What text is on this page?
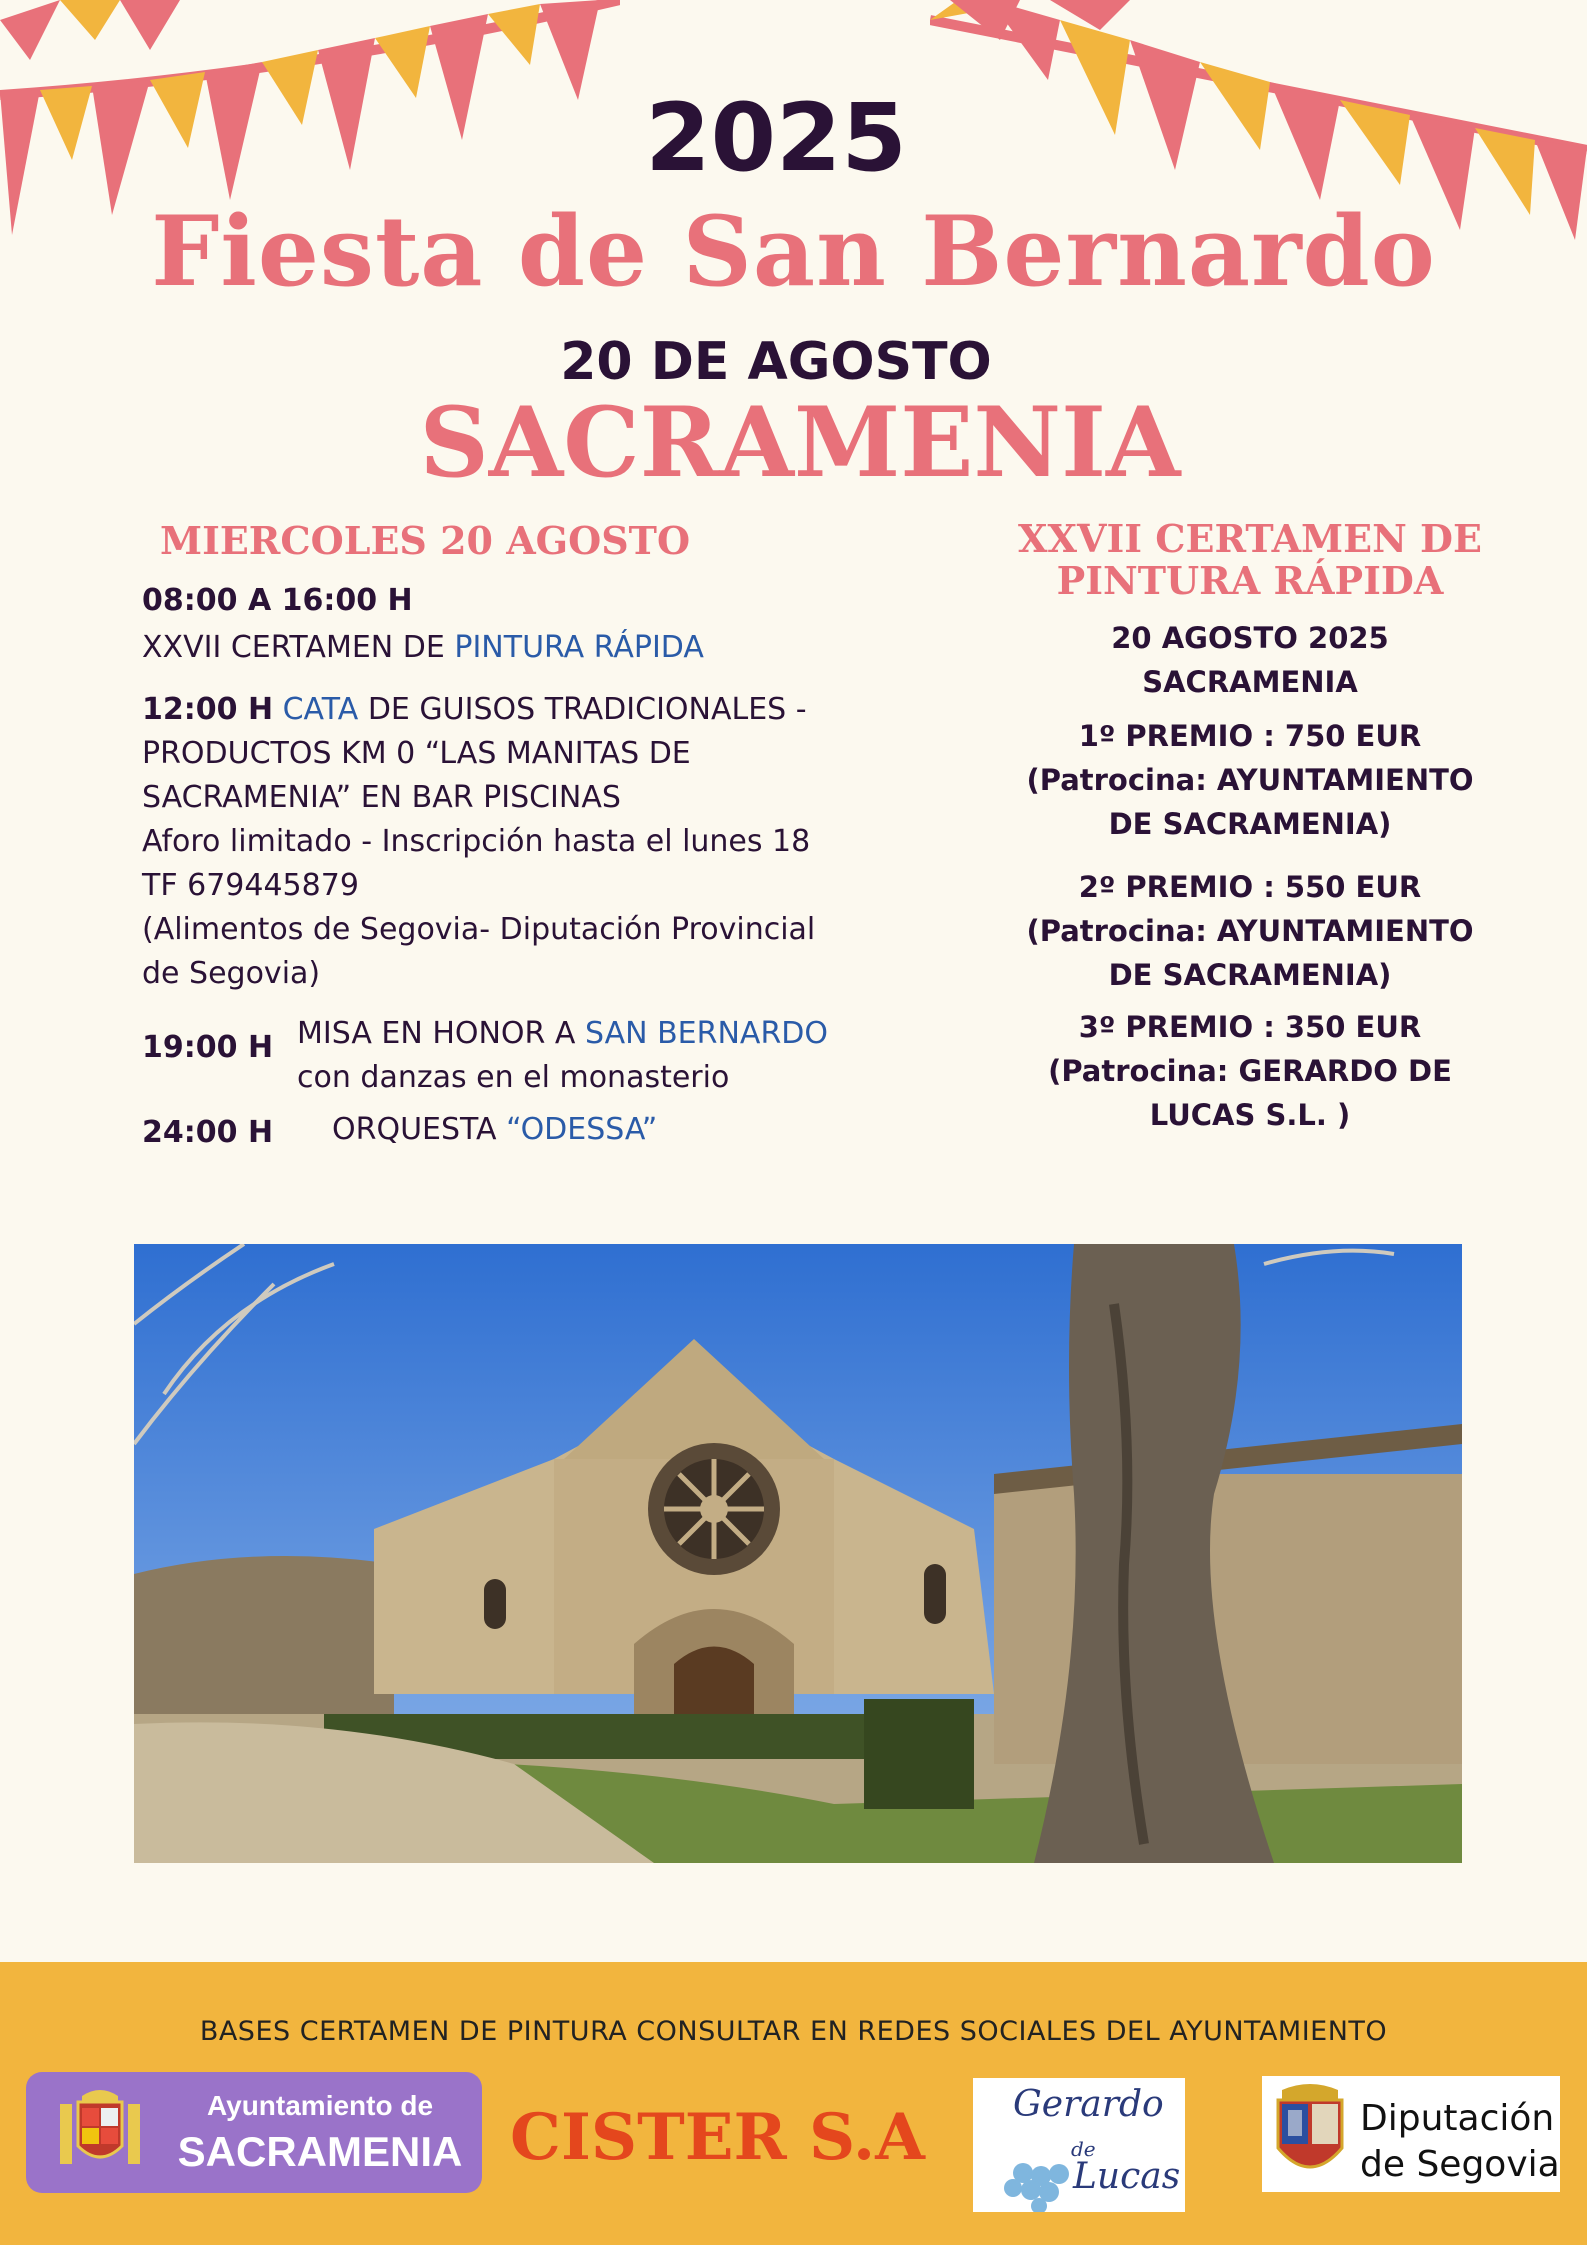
2025
Fiesta de San Bernardo
20 DE AGOSTO
SACRAMENIA
MIERCOLES 20 AGOSTO
08:00 A 16:00 H
XXVII CERTAMEN DE PINTURA RÁPIDA
12:00 H CATA DE GUISOS TRADICIONALES -
PRODUCTOS KM 0 “LAS MANITAS DE
SACRAMENIA” EN BAR PISCINAS
Aforo limitado - Inscripción hasta el lunes 18
TF 679445879
(Alimentos de Segovia- Diputación Provincial
de Segovia)
19:00 H MISA EN HONOR A SAN BERNARDO
con danzas en el monasterio
24:00 H ORQUESTA “ODESSA”
XXVII CERTAMEN DE
PINTURA RÁPIDA
20 AGOSTO 2025
SACRAMENIA
1º PREMIO : 750 EUR
(Patrocina: AYUNTAMIENTO
DE SACRAMENIA)
2º PREMIO : 550 EUR
(Patrocina: AYUNTAMIENTO
DE SACRAMENIA)
3º PREMIO : 350 EUR
(Patrocina: GERARDO DE
LUCAS S.L. )
BASES CERTAMEN DE PINTURA CONSULTAR EN REDES SOCIALES DEL AYUNTAMIENTO
Ayuntamiento de
SACRAMENIA CISTER S.A Gerardo
de
Lucas
Diputación
de Segovia
